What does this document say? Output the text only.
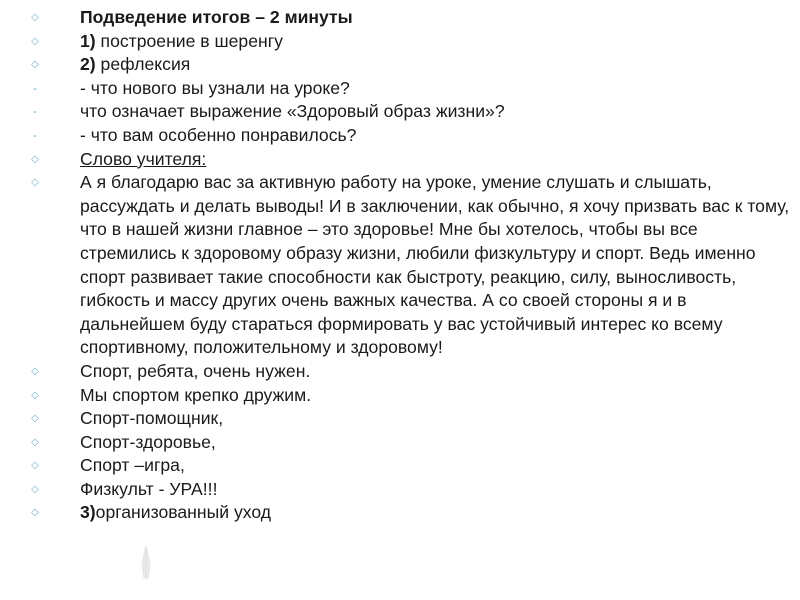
◇ Подведение итогов – 2 минуты

◇ 1) построение в шеренгу

◇ 2) рефлексия

- - что нового вы узнали на уроке?

- что означает выражение «Здоровый образ жизни»?

- - что вам особенно понравилось?

◇ Слово учителя:

◇ А я благодарю вас за активную работу на уроке, умение слушать и слышать, рассуждать и делать выводы! И в заключении, как обычно, я хочу призвать вас к тому, что в нашей жизни главное – это здоровье! Мне бы хотелось, чтобы вы все стремились к здоровому образу жизни, любили физкультуру и спорт. Ведь именно спорт развивает такие способности как быстроту, реакцию, силу, выносливость, гибкость и массу других очень важных качества. А со своей стороны я и в дальнейшем буду стараться формировать у вас устойчивый интерес ко всему спортивному, положительному и здоровому!

◇ Спорт, ребята, очень нужен.

◇ Мы спортом крепко дружим.

◇ Спорт-помощник,

◇ Спорт-здоровье,

◇ Спорт –игра,

◇ Физкульт - УРА!!!

◇ 3)организованный уход
